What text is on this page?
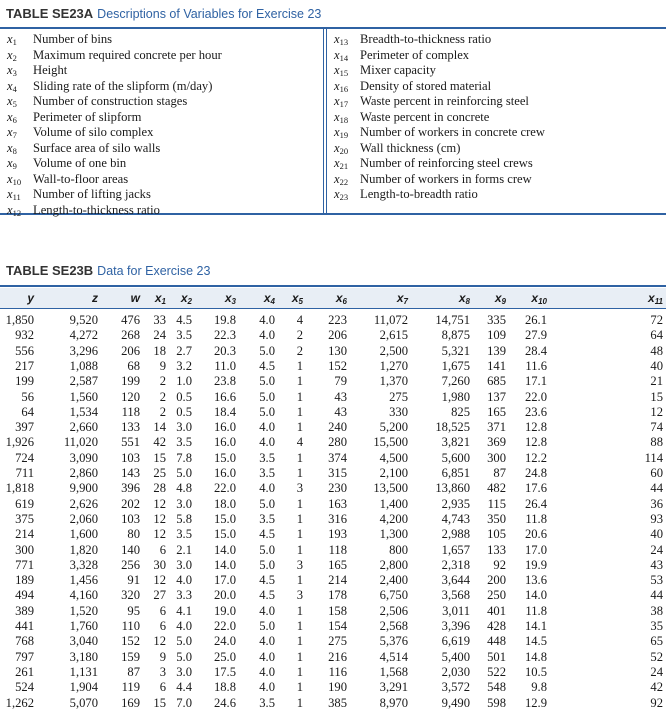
TABLE SE23A Descriptions of Variables for Exercise 23
$x_1$	Number of bins
$x_2$	Maximum required concrete per hour
$x_3$	Height
$x_4$	Sliding rate of the slipform (m/day)
$x_5$	Number of construction stages
$x_6$	Perimeter of slipform
$x_7$	Volume of silo complex
$x_8$	Surface area of silo walls
$x_9$	Volume of one bin
$x_{10}$ Wall-to-floor areas
$x_{11}$ Number of lifting jacks
$x_{12}$ Length-to-thickness ratio
$x_{13}$ Breadth-to-thickness ratio
$x_{14}$ Perimeter of complex
$x_{15}$ Mixer capacity
$x_{16}$ Density of stored material
$x_{17}$ Waste percent in reinforcing steel
$x_{18}$ Waste percent in concrete
$x_{19}$ Number of workers in concrete crew
$x_{20}$ Wall thickness (cm)
$x_{21}$ Number of reinforcing steel crews
$x_{22}$ Number of workers in forms crew
$x_{23}$ Length-to-breadth ratio
TABLE SE23B Data for Exercise 23
1,850	9,520	476	33 4.5	19.8	4.0	4	223	11,072	14,751	335	26.1	72
932	4,272	268	24 3.5	22.3	4.0	2	206	2,615	8,875	109	27.9	64
556	3,296	206	18 2.7	20.3	5.0	2	130	2,500	5,321	139	28.4	48
217	1,088	68	9 3.2	11.0	4.5	1	152	1,270	1,675	141	11.6	40
199	2,587	199	2 1.0	23.8	5.0	1	79	1,370	7,260	685	17.1	21
56	1,560	120	2 0.5	16.6	5.0	1	43	275	1,980	137	22.0	15
64	1,534	118	2 0.5	18.4	5.0	1	43	330	825	165	23.6	12
397	2,660	133	14 3.0	16.0	4.0	1	240	5,200	18,525	371	12.8	74
1,926	11,020	551	42 3.5	16.0	4.0	4	280	15,500	3,821	369	12.8	88
724	3,090	103	15 7.8	15.0	3.5	1	374	4,500	5,600	300	12.2	114
711	2,860	143	25 5.0	16.0	3.5	1	315	2,100	6,851	87	24.8	60
1,818	9,900	396	28 4.8	22.0	4.0	3	230	13,500	13,860	482	17.6	44
619	2,626	202	12 3.0	18.0	5.0	1	163	1,400	2,935	115	26.4	36
375	2,060	103	12 5.8	15.0	3.5	1	316	4,200	4,743	350	11.8	93
214	1,600	80	12 3.5	15.0	4.5	1	193	1,300	2,988	105	20.6	40
300	1,820	140	6 2.1	14.0	5.0	1	118	800	1,657	133	17.0	24
771	3,328	256	30 3.0	14.0	5.0	3	165	2,800	2,318	92	19.9	43
189	1,456	91	12 4.0	17.0	4.5	1	214	2,400	3,644	200	13.6	53
494	4,160	320	27 3.3	20.0	4.5	3	178	6,750	3,568	250	14.0	44
389	1,520	95	6 4.1	19.0	4.0	1	158	2,506	3,011	401	11.8	38
441	1,760	110	6 4.0	22.0	5.0	1	154	2,568	3,396	428	14.1	35
768	3,040	152	12 5.0	24.0	4.0	1	275	5,376	6,619	448	14.5	65
797	3,180	159	9 5.0	25.0	4.0	1	216	4,514	5,400	501	14.8	52
261	1,131	87	3 3.0	17.5	4.0	1	116	1,568	2,030	522	10.5	24
524	1,904	119	6 4.4	18.8	4.0	1	190	3,291	3,572	548	9.8	42
1,262	5,070	169	15 7.0	24.6	3.5	1	385	8,970	9,490	598	12.9	92
y	z	w	$x_1$	$x_2$	$x_3$	$x_4$	$x_5$	$x_6$	$x_7$	$x_8$	$x_9$	$x_{10}$	$x_{11}$
